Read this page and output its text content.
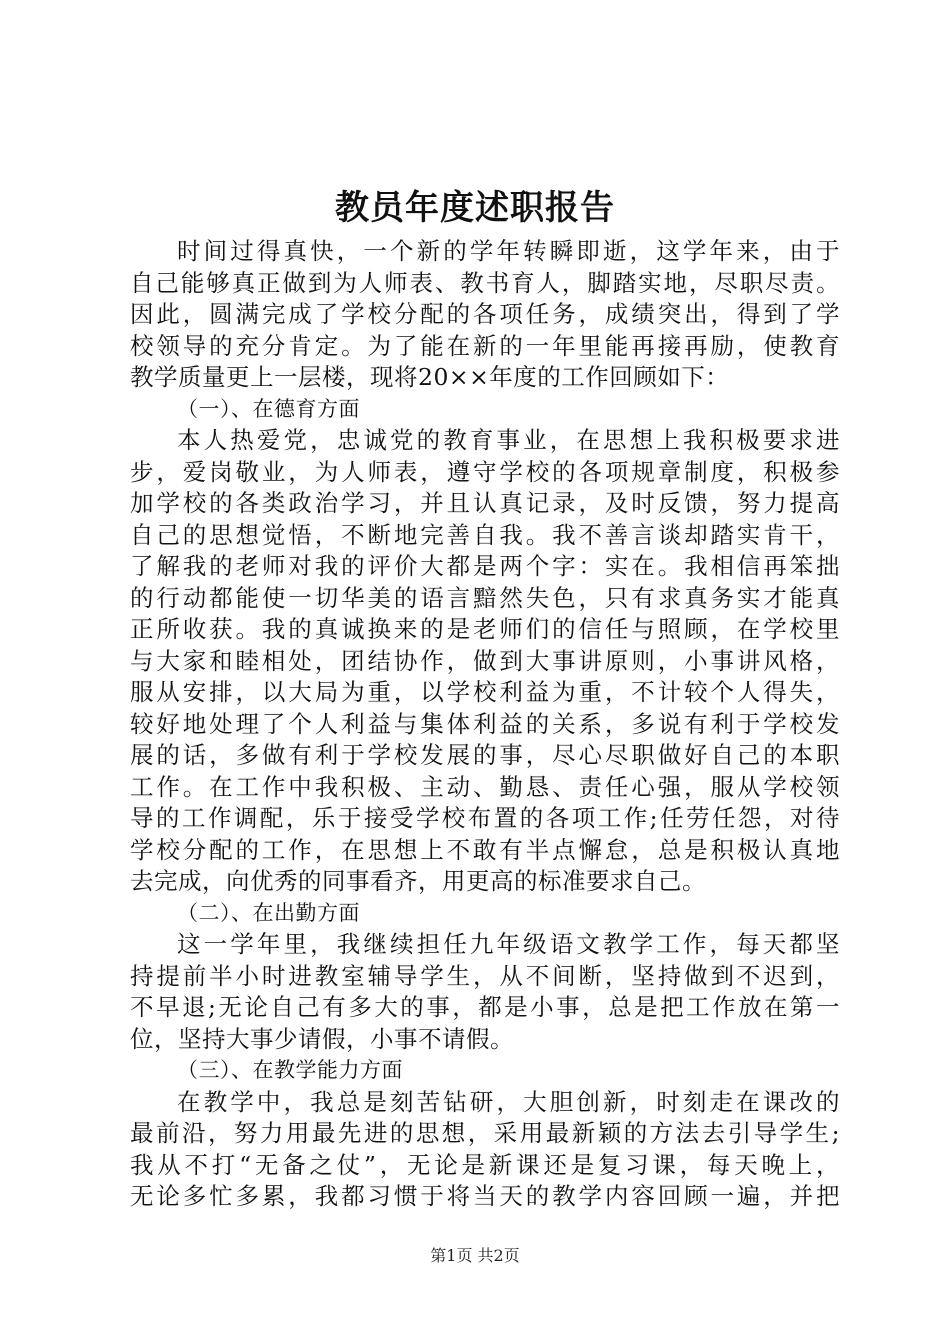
教员年度述职报告
时间过得真快，一个新的学年转瞬即逝，这学年来，由于
自己能够真正做到为人师表、教书育人，脚踏实地，尽职尽责。
因此，圆满完成了学校分配的各项任务，成绩突出，得到了学
校领导的充分肯定。为了能在新的一年里能再接再励，使教育
教学质量更上一层楼，现将20××年度的工作回顾如下：
（一）、在德育方面
本人热爱党，忠诚党的教育事业，在思想上我积极要求进
步，爱岗敬业，为人师表，遵守学校的各项规章制度，积极参
加学校的各类政治学习，并且认真记录，及时反馈，努力提高
自己的思想觉悟，不断地完善自我。我不善言谈却踏实肯干，
了解我的老师对我的评价大都是两个字：实在。我相信再笨拙
的行动都能使一切华美的语言黯然失色，只有求真务实才能真
正所收获。我的真诚换来的是老师们的信任与照顾，在学校里
与大家和睦相处，团结协作，做到大事讲原则，小事讲风格，
服从安排，以大局为重，以学校利益为重，不计较个人得失，
较好地处理了个人利益与集体利益的关系，多说有利于学校发
展的话，多做有利于学校发展的事，尽心尽职做好自己的本职
工作。在工作中我积极、主动、勤恳、责任心强，服从学校领
导的工作调配，乐于接受学校布置的各项工作;任劳任怨，对待
学校分配的工作，在思想上不敢有半点懈怠，总是积极认真地
去完成，向优秀的同事看齐，用更高的标准要求自己。
（二）、在出勤方面
这一学年里，我继续担任九年级语文教学工作，每天都坚
持提前半小时进教室辅导学生，从不间断，坚持做到不迟到，
不早退;无论自己有多大的事，都是小事，总是把工作放在第一
位，坚持大事少请假，小事不请假。
（三）、在教学能力方面
在教学中，我总是刻苦钻研，大胆创新，时刻走在课改的
最前沿，努力用最先进的思想，采用最新颖的方法去引导学生;
我从不打“无备之仗”，无论是新课还是复习课，每天晚上，
无论多忙多累，我都习惯于将当天的教学内容回顾一遍，并把
第1页 共2页
